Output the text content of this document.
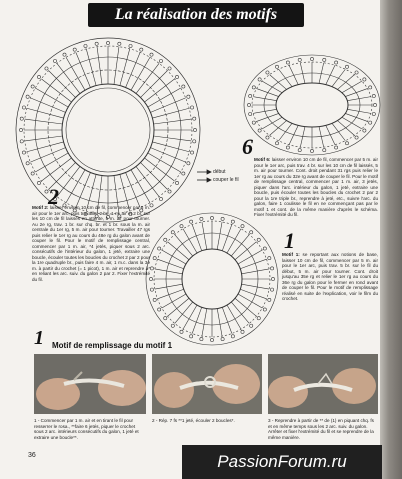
La réalisation des motifs
2
6
1
début
couper le fil
Motif 2: laisser environ 10 cm de fil, commencer par 5 m. air pour le 1er arc, puis travailler 2 br., 1 m. air et 2 br. sur les 10 cm de fil laissés en attente, 5 m. air pour tourner. Au 2e rg, trav. 1 br. sur chq. br. et 1 br. sous la m. air centrale du 1er rg, 5 m. air pour tourner. Travailler 47 rgs puis relier le 1er rg au cours du 48e rg du galon avant de couper le fil. Pour le motif de remplissage central, commencer par 1 m. air, *4 jetés, piquer sous 2 arc. consécutifs de l'intérieur du galon, 1 jeté, extraire une boucle, écouler toutes les boucles du crochet 2 par 2 pour la 1re quadruple br., puis faire 4 m. air, 1 m.c. dans la 3e m. à partir du crochet (= 1 picot), 1 m. air et reprendre à* en reliant les arc. suiv. du galon 2 par 2. Fixer l'extrémité du fil.
Motif 6: laisser environ 10 cm de fil, commencer par 5 m. air pour le 1er arc, puis trav. 4 br. sur les 10 cm de fil laissés, 5 m. air pour tourner. Cont. droit pendant 31 rgs puis relier le 1er rg au cours du 32e rg avant de couper le fil. Pour le motif de remplissage central, commencer par 1 m. air, 3 jetés, piquer dans l'arc. intérieur du galon, 1 jeté, extraire une boucle, puis écouler toutes les boucles du crochet 2 par 2 pour la 1re triple br., reprendre à jeté, etc., suivre l'arc. du galon, faire 1 coulisse le fil en ne commençant pas par le motif 1 et cont. de la même manière d'après le schéma. Fixer l'extrémité du fil.
Motif 1: se reportant aux notions de base, laisser 10 cm de fil, commencer par 5 m. air pour le 1er arc, puis trav. 5 br. sur le fil du début, 5 m. air pour tourner. Cont. droit jusqu'au 35e rg et relier le 1er rg au cours du 36e rg du galon pour le fermer en rond avant de couper le fil. Pour le motif de remplissage réalisé en suite de l'explication, voir le film du crochet.
1 Motif de remplissage du motif 1
1 - Commencer par 1 m. air et en tirant le fil pour resserrer le rosa., **faire 6 jetés, piquer le crochet sous 2 arc. intérieurs consécutifs du galon, 1 jeté et extraire une boucle**.
2 - Rép. 7 fs **1 jeté, écouler 2 boucles*.	3 - Reprendre à partir de ** de (1) en piquant chq. fs et en même temps sous les 2 arc. suiv. du galon. Arrêter et fixer l'extrémité du fil et se reprendre de la même manière.
36	PassionForum.ru
